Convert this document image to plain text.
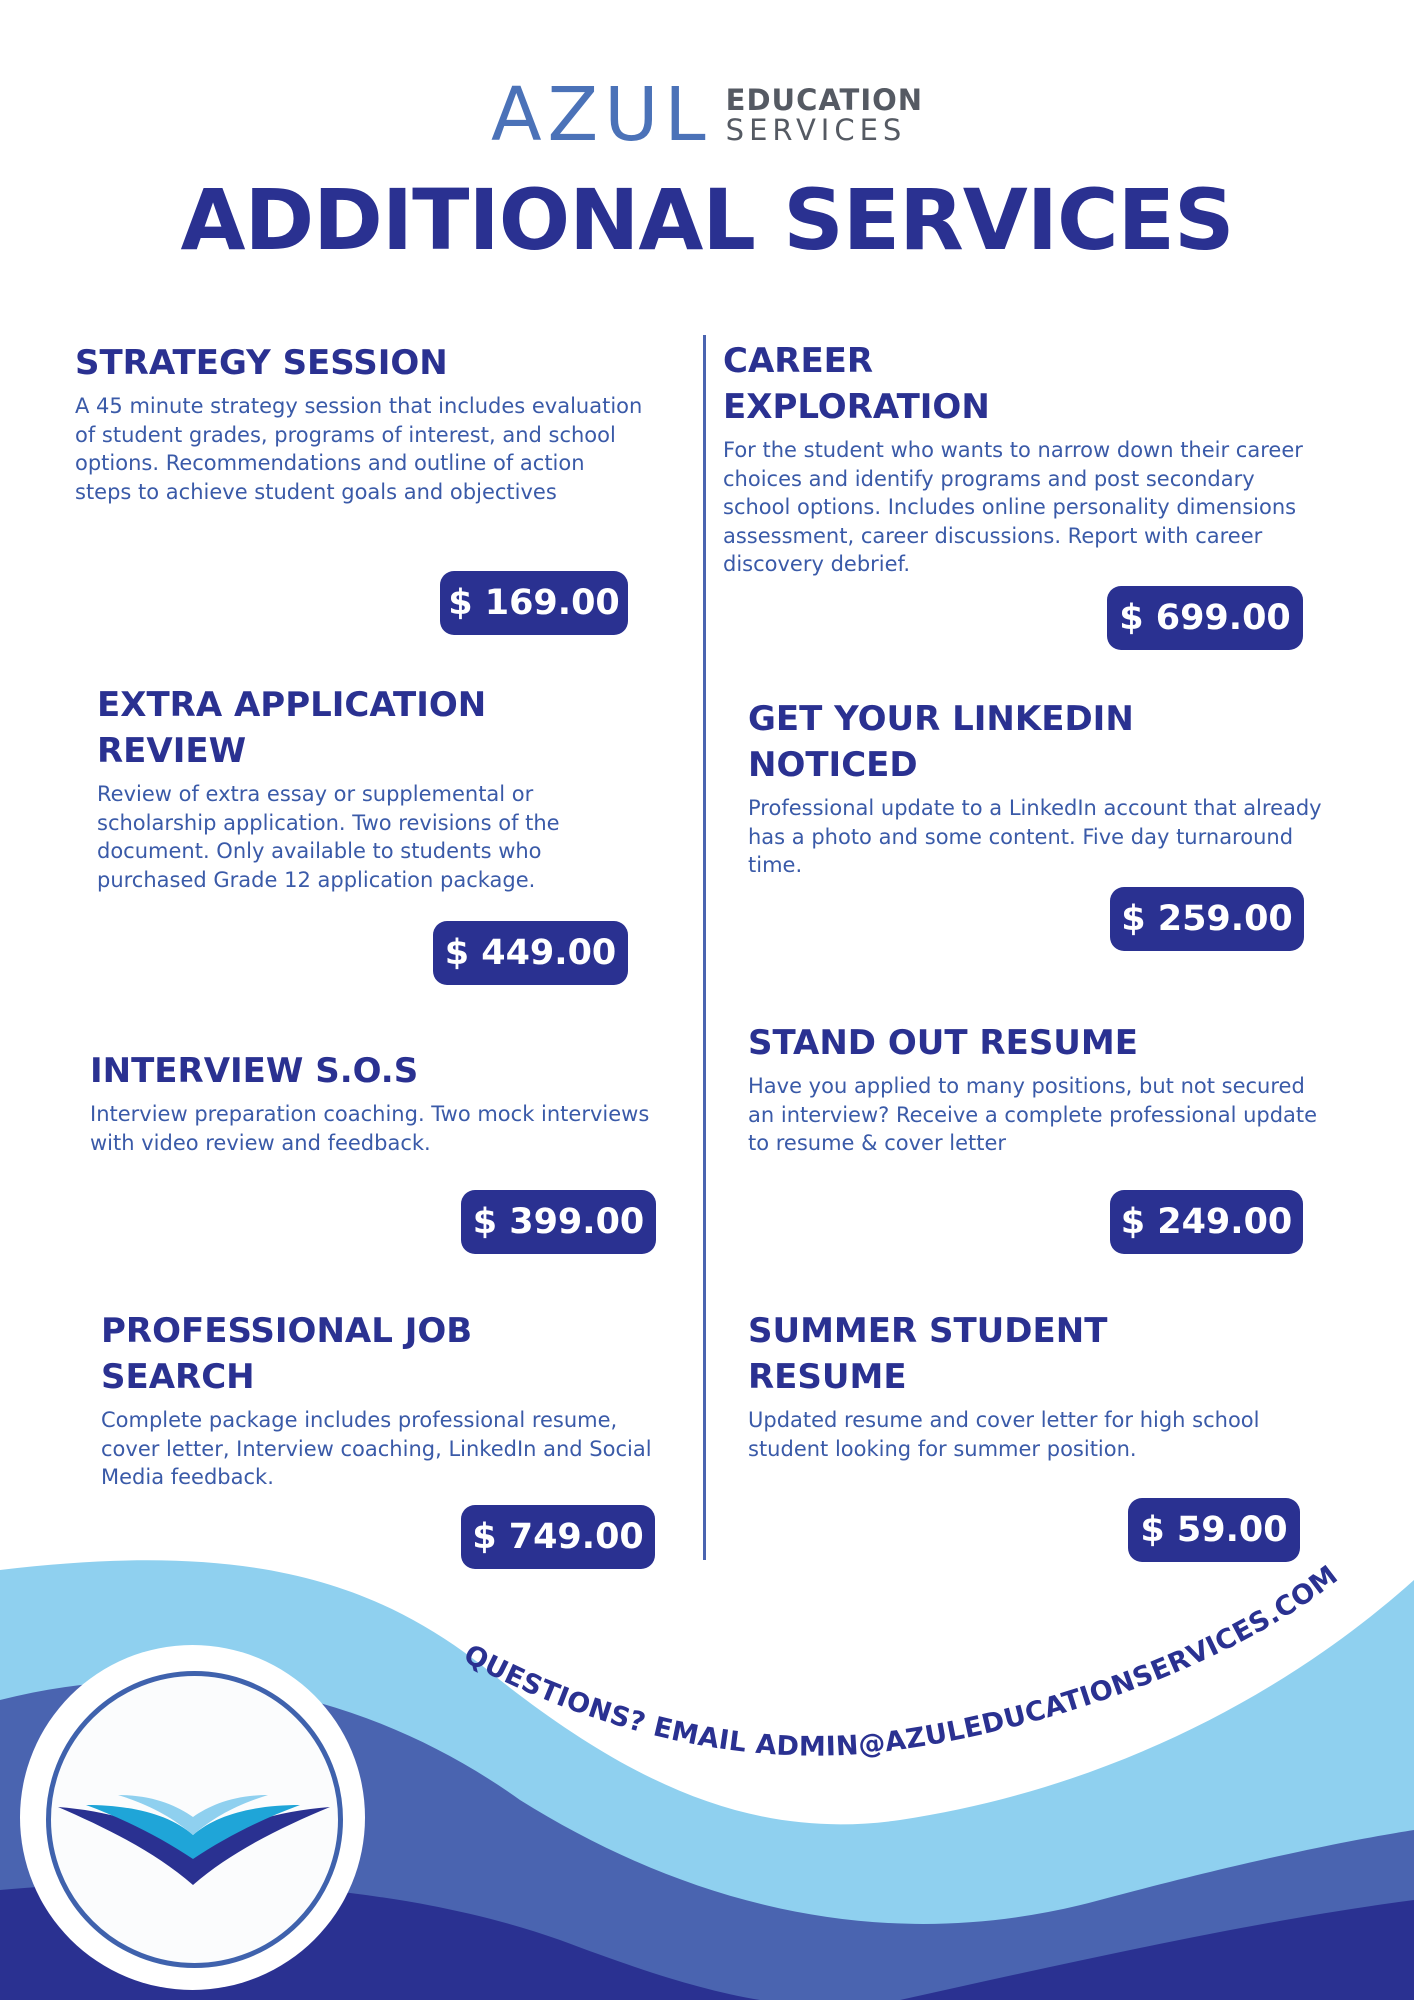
AZUL EDUCATION
SERVICES
ADDITIONAL SERVICES
STRATEGY SESSION

A 45 minute strategy session that includes evaluation of student grades, programs of interest, and school options. Recommendations and outline of action steps to achieve student goals and objectives

$ 169.00
EXTRA APPLICATION
REVIEW

Review of extra essay or supplemental or scholarship application. Two revisions of the document. Only available to students who purchased Grade 12 application package.

$ 449.00
INTERVIEW S.O.S

Interview preparation coaching. Two mock interviews with video review and feedback.

$ 399.00
PROFESSIONAL JOB
SEARCH

Complete package includes professional resume, cover letter, Interview coaching, LinkedIn and Social Media feedback.

$ 749.00
CAREER
EXPLORATION

For the student who wants to narrow down their career choices and identify programs and post secondary school options. Includes online personality dimensions assessment, career discussions. Report with career discovery debrief.

$ 699.00
GET YOUR LINKEDIN
NOTICED

Professional update to a LinkedIn account that already has a photo and some content. Five day turnaround time.

$ 259.00
STAND OUT RESUME

Have you applied to many positions, but not secured an interview? Receive a complete professional update to resume & cover letter

$ 249.00
SUMMER STUDENT
RESUME

Updated resume and cover letter for high school student looking for summer position.

$ 59.00
QUESTIONS? EMAIL ADMIN@AZULEDUCATIONSERVICES.COM
